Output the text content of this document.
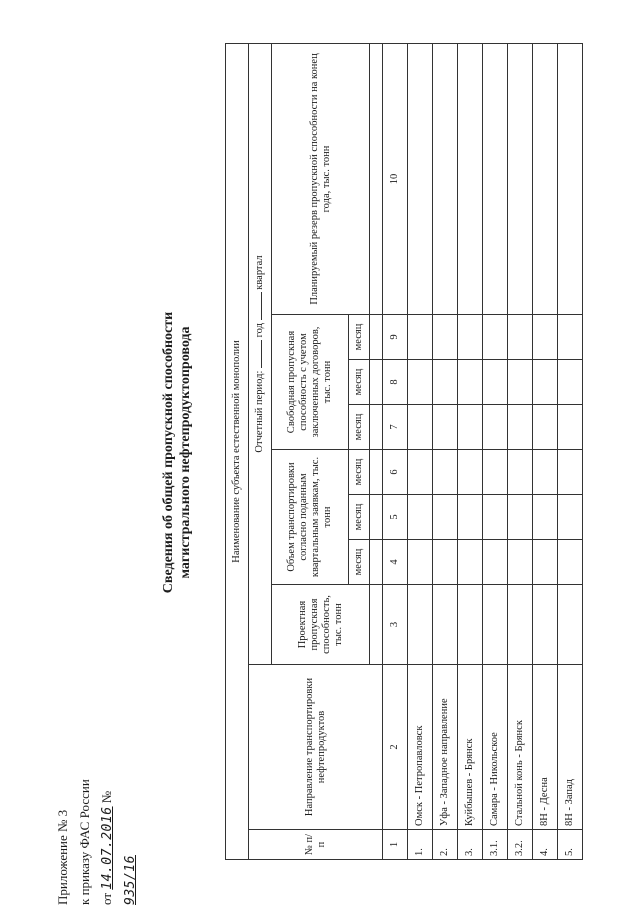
Приложение № 3 к приказу ФАС России от 14.07.2016 № 935/16
Сведения об общей пропускной способности магистрального нефтепродуктопровода	Наименование субъекта естественной монополии									
№ п/п	Направление транспортировки нефтепродуктов	Отчетный период:  год  квартал							
		Проектная пропускная способность, тыс. тонн	Объем транспортировки согласно поданным квартальным заявкам, тыс. тонн			Свободная пропускная способность с учетом заключенных договоров, тыс. тонн			Планируемый резерв пропускной способности на конец года, тыс. тонн
			месяц	месяц	месяц	месяц	месяц	месяц	

1	2	3	4	5	6	7	8	9	10
1.	Омск - Петропавловск								
2.	Уфа - Западное направление								
3.	Куйбышев - Брянск								
3.1.	Самара - Никольское								
3.2.	Стальной конь - Брянск								
4.	8Н - Десна								
5.	8Н - Запад								
